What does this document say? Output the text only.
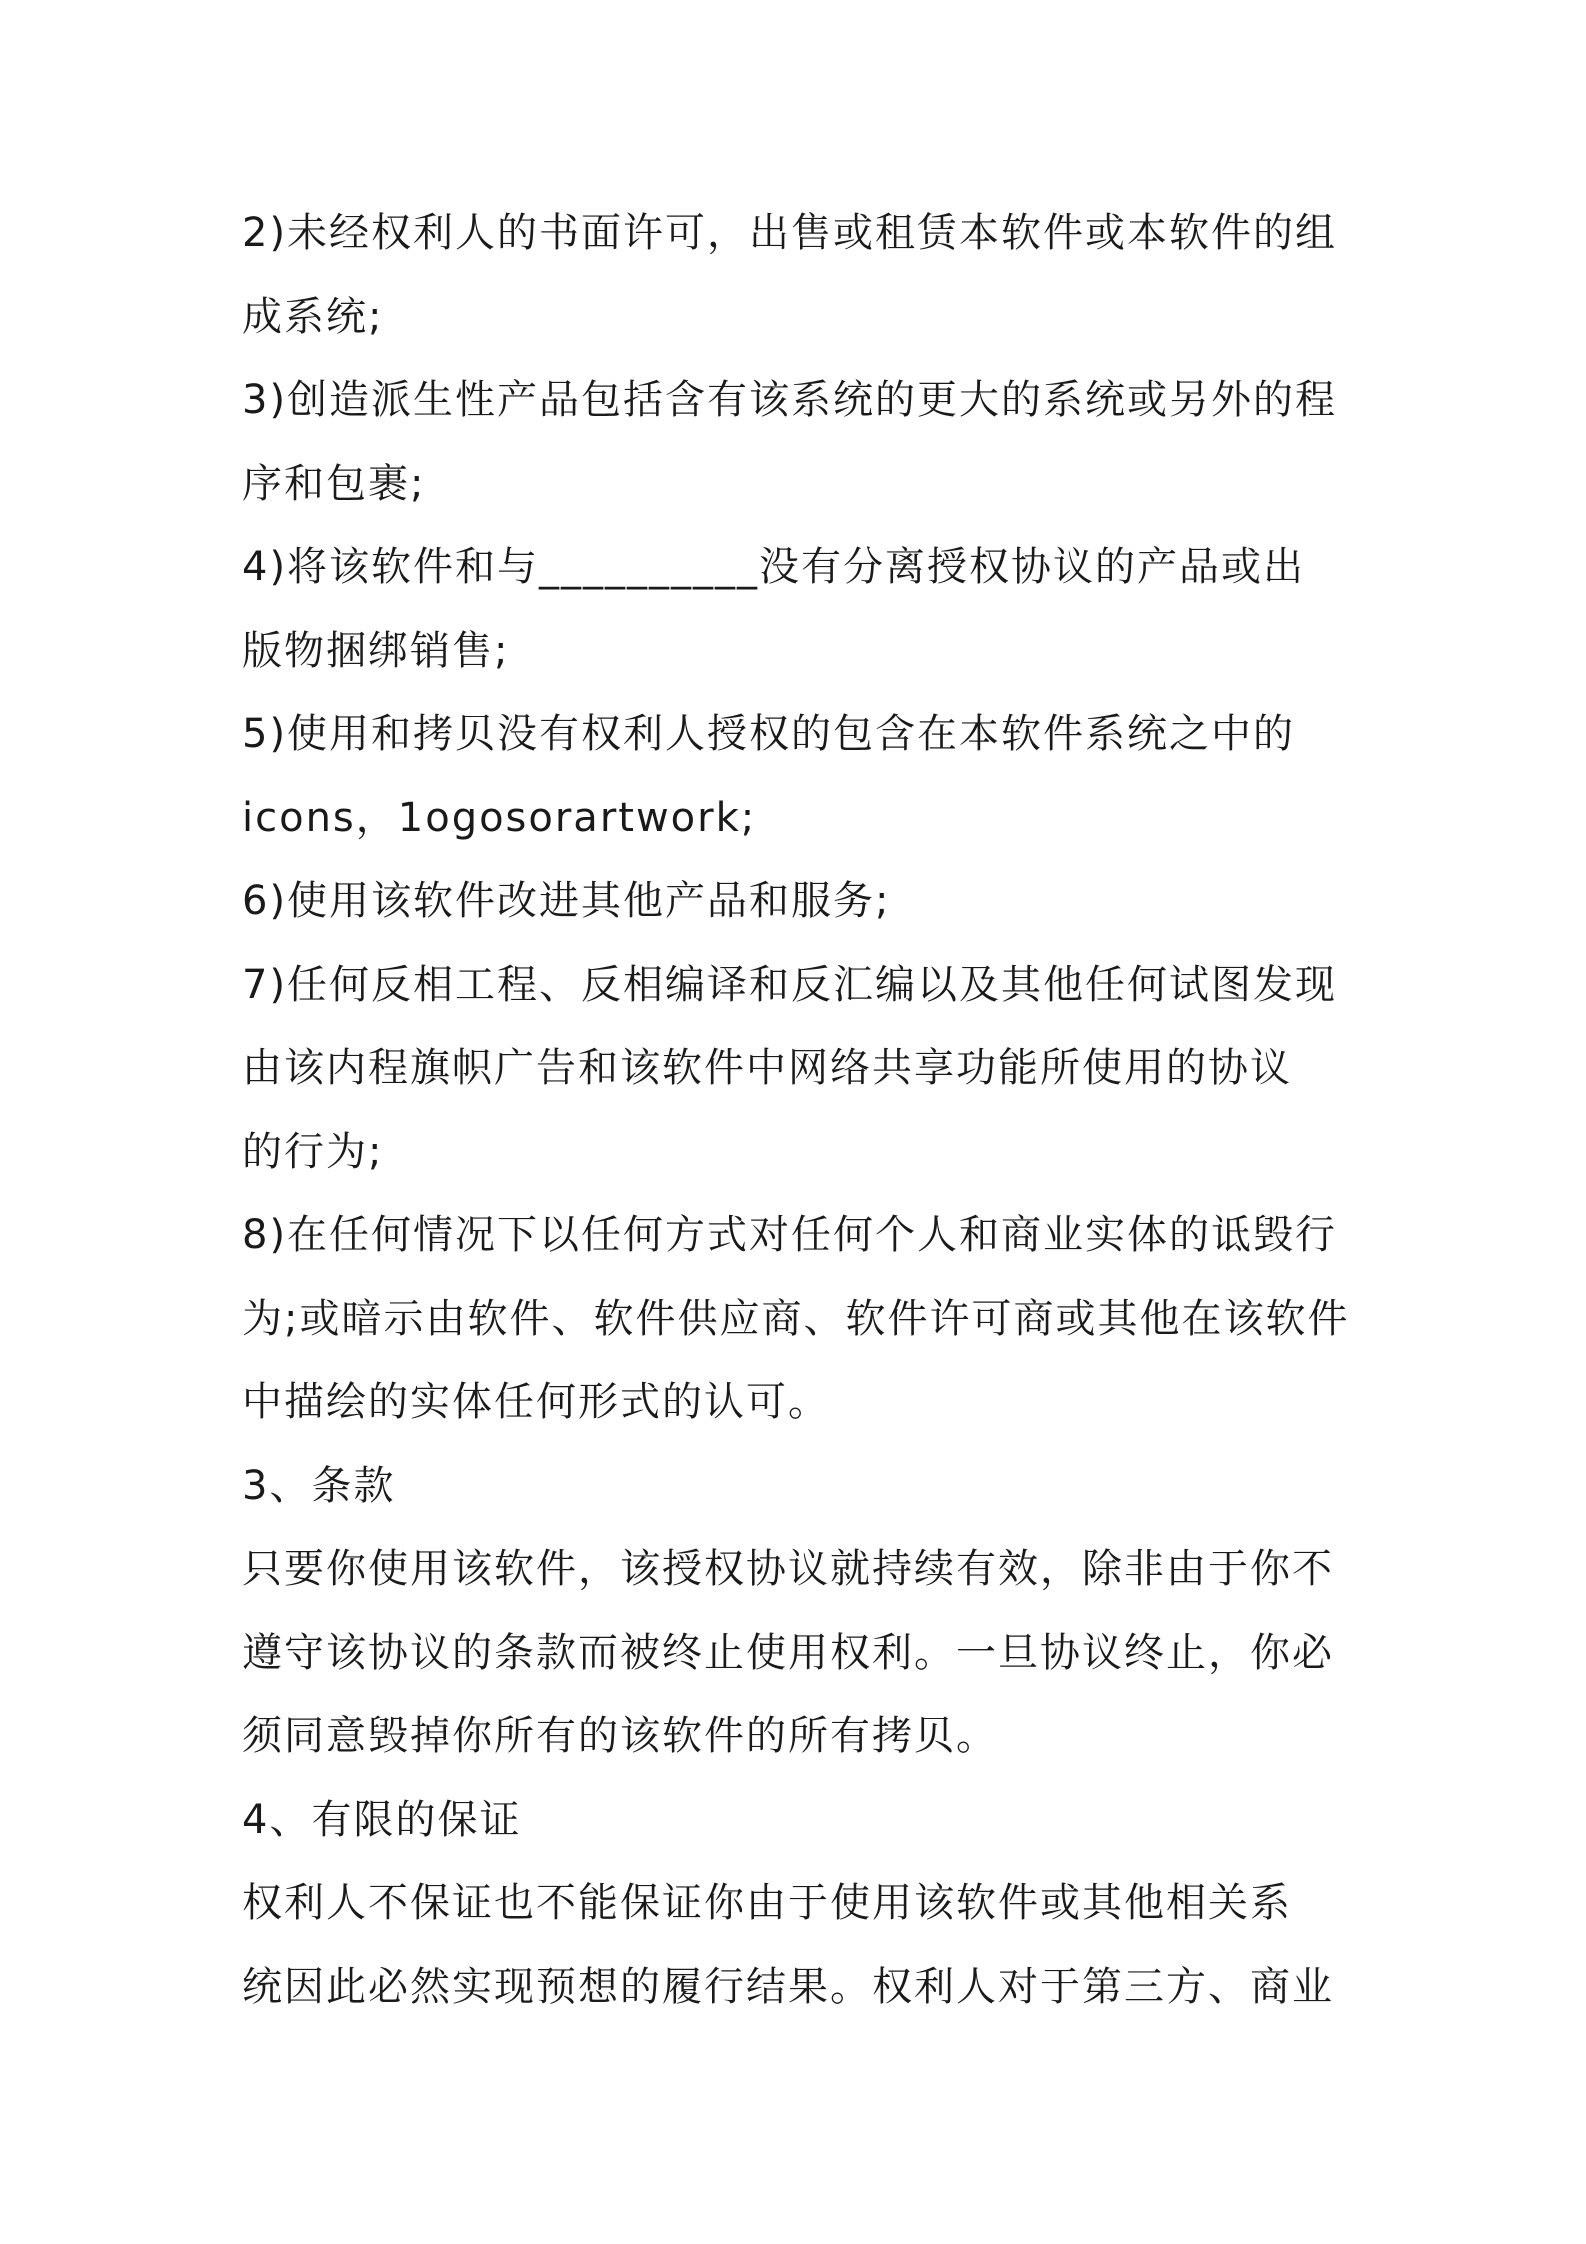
2)未经权利人的书面许可，出售或租赁本软件或本软件的组

成系统;

3)创造派生性产品包括含有该系统的更大的系统或另外的程

序和包裹;

4)将该软件和与__________没有分离授权协议的产品或出

版物捆绑销售;

5)使用和拷贝没有权利人授权的包含在本软件系统之中的

icons，1ogosorartwork;

6)使用该软件改进其他产品和服务;

7)任何反相工程、反相编译和反汇编以及其他任何试图发现

由该内程旗帜广告和该软件中网络共享功能所使用的协议

的行为;

8)在任何情况下以任何方式对任何个人和商业实体的诋毁行

为;或暗示由软件、软件供应商、软件许可商或其他在该软件

中描绘的实体任何形式的认可。

3、条款

只要你使用该软件，该授权协议就持续有效，除非由于你不

遵守该协议的条款而被终止使用权利。一旦协议终止，你必

须同意毁掉你所有的该软件的所有拷贝。

4、有限的保证

权利人不保证也不能保证你由于使用该软件或其他相关系

统因此必然实现预想的履行结果。权利人对于第三方、商业
